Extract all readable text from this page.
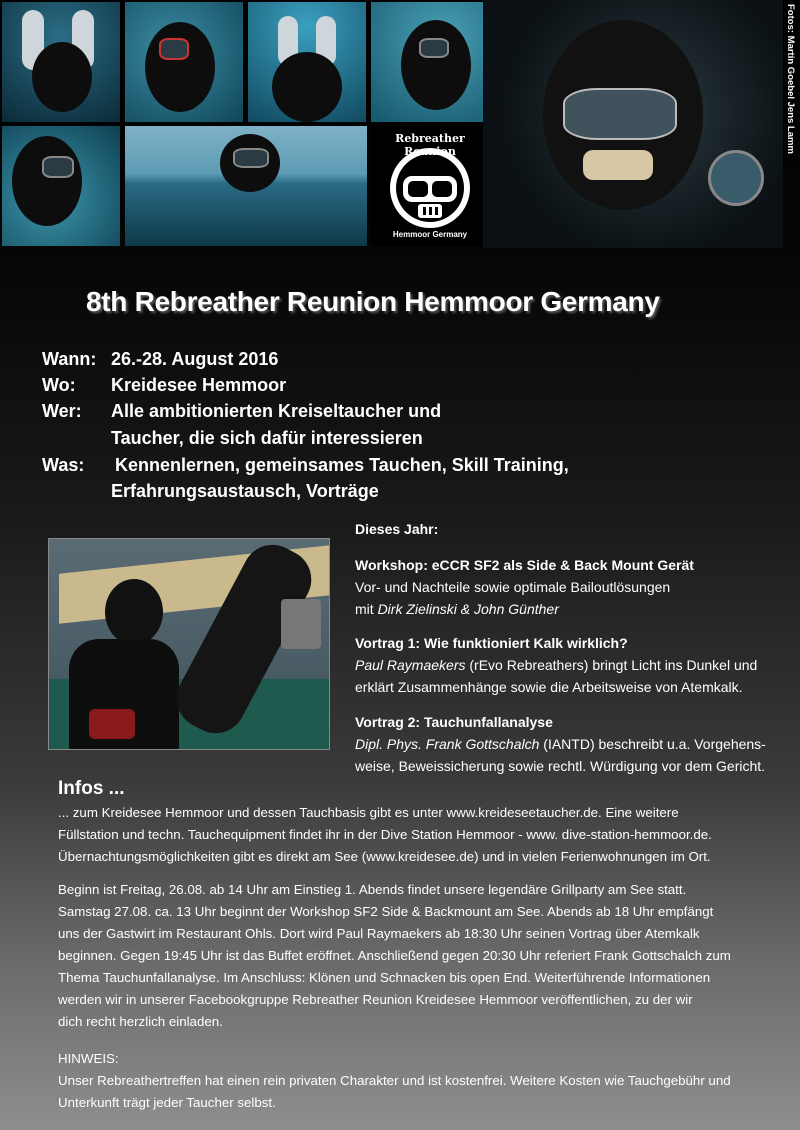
Rebreather Reunion
Hemmoor Germany
Fotos: Martin Goebel Jens Lamm
8th Rebreather Reunion Hemmoor Germany
Wann: 26.-28. August 2016
Wo: Kreidesee Hemmoor
Wer: Alle ambitionierten Kreiseltaucher und
Taucher, die sich dafür interessieren
Was: Kennenlernen, gemeinsames Tauchen, Skill Training,
Erfahrungsaustausch, Vorträge
Dieses Jahr:
Workshop: eCCR SF2 als Side & Back Mount Gerät
Vor- und Nachteile sowie optimale Bailoutlösungen
mit Dirk Zielinski & John Günther
Vortrag 1: Wie funktioniert Kalk wirklich?
Paul Raymaekers (rEvo Rebreathers) bringt Licht ins Dunkel und
erklärt Zusammenhänge sowie die Arbeitsweise von Atemkalk.
Vortrag 2: Tauchunfallanalyse
Dipl. Phys. Frank Gottschalch (IANTD) beschreibt u.a. Vorgehens-
weise, Beweissicherung sowie rechtl. Würdigung vor dem Gericht.
Infos ...
... zum Kreidesee Hemmoor und dessen Tauchbasis gibt es unter www.kreideseetaucher.de. Eine weitere
Füllstation und techn. Tauchequipment findet ihr in der Dive Station Hemmoor - www. dive-station-hemmoor.de.
Übernachtungsmöglichkeiten gibt es direkt am See (www.kreidesee.de) und in vielen Ferienwohnungen im Ort.
Beginn ist Freitag, 26.08. ab 14 Uhr am Einstieg 1. Abends findet unsere legendäre Grillparty am See statt.
Samstag 27.08. ca. 13 Uhr beginnt der Workshop SF2 Side & Backmount am See. Abends ab 18 Uhr empfängt
uns der Gastwirt im Restaurant Ohls. Dort wird Paul Raymaekers ab 18:30 Uhr seinen Vortrag über Atemkalk
beginnen. Gegen 19:45 Uhr ist das Buffet eröffnet. Anschließend gegen 20:30 Uhr referiert Frank Gottschalch zum
Thema Tauchunfallanalyse. Im Anschluss: Klönen und Schnacken bis open End. Weiterführende Informationen
werden wir in unserer Facebookgruppe Rebreather Reunion Kreidesee Hemmoor veröffentlichen, zu der wir
dich recht herzlich einladen.
HINWEIS:
Unser Rebreathertreffen hat einen rein privaten Charakter und ist kostenfrei. Weitere Kosten wie Tauchgebühr und
Unterkunft trägt jeder Taucher selbst.
